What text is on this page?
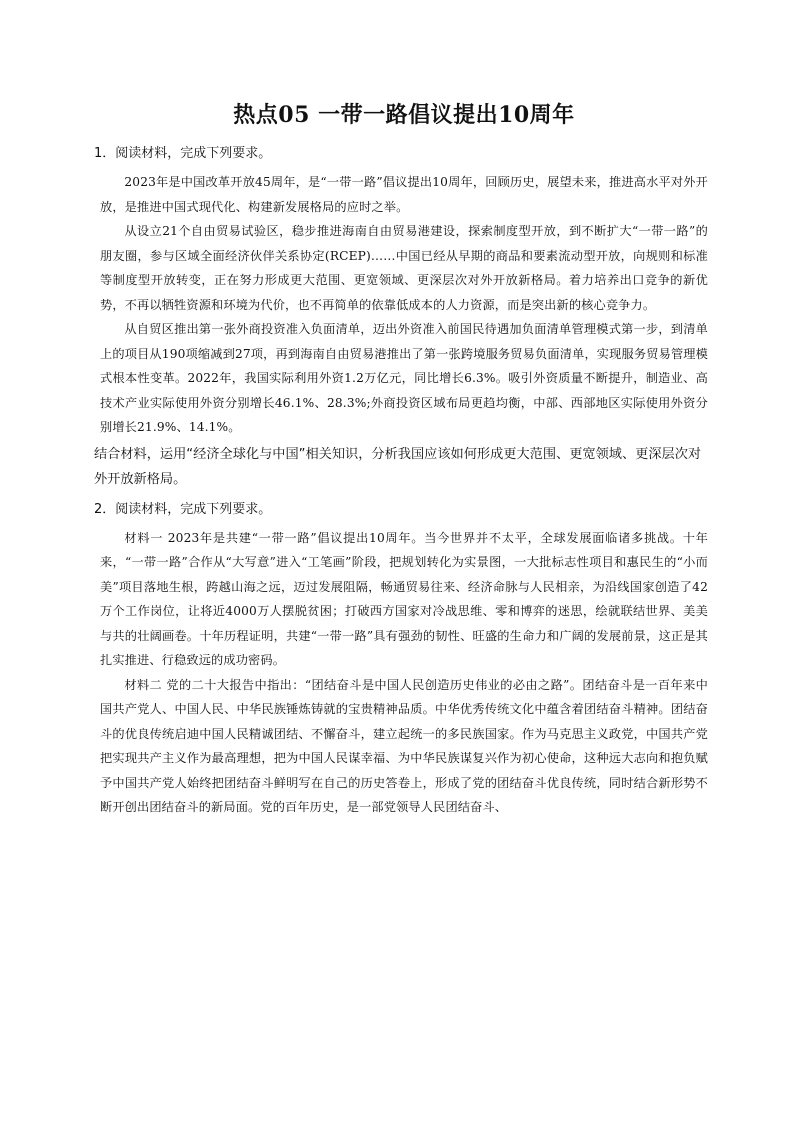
热点05 一带一路倡议提出10周年
1．阅读材料，完成下列要求。

2023年是中国改革开放45周年，是“一带一路”倡议提出10周年，回顾历史，展望未来，推进高水平对外开放，是推进中国式现代化、构建新发展格局的应时之举。

从设立21个自由贸易试验区，稳步推进海南自由贸易港建设，探索制度型开放，到不断扩大“一带一路”的朋友圈，参与区域全面经济伙伴关系协定(RCEP)……中国已经从早期的商品和要素流动型开放，向规则和标准等制度型开放转变，正在努力形成更大范围、更宽领域、更深层次对外开放新格局。着力培养出口竞争的新优势，不再以牺牲资源和环境为代价，也不再简单的依靠低成本的人力资源，而是突出新的核心竞争力。

从自贸区推出第一张外商投资准入负面清单，迈出外资准入前国民待遇加负面清单管理模式第一步，到清单上的项目从190项缩减到27项，再到海南自由贸易港推出了第一张跨境服务贸易负面清单，实现服务贸易管理模式根本性变革。2022年，我国实际利用外资1.2万亿元，同比增长6.3%。吸引外资质量不断提升，制造业、高技术产业实际使用外资分别增长46.1%、28.3%;外商投资区域布局更趋均衡，中部、西部地区实际使用外资分别增长21.9%、14.1%。

结合材料，运用“经济全球化与中国”相关知识，分析我国应该如何形成更大范围、更宽领域、更深层次对外开放新格局。
2．阅读材料，完成下列要求。

材料一 2023年是共建“一带一路”倡议提出10周年。当今世界并不太平，全球发展面临诸多挑战。十年来，“一带一路”合作从“大写意”进入“工笔画”阶段，把规划转化为实景图，一大批标志性项目和惠民生的“小而美”项目落地生根，跨越山海之远，迈过发展阻隔，畅通贸易往来、经济命脉与人民相亲，为沿线国家创造了42万个工作岗位，让将近4000万人摆脱贫困；打破西方国家对冷战思维、零和博弈的迷思，绘就联结世界、美美与共的壮阔画卷。十年历程证明，共建“一带一路”具有强劲的韧性、旺盛的生命力和广阔的发展前景，这正是其扎实推进、行稳致远的成功密码。

材料二 党的二十大报告中指出：“团结奋斗是中国人民创造历史伟业的必由之路”。团结奋斗是一百年来中国共产党人、中国人民、中华民族锤炼铸就的宝贵精神品质。中华优秀传统文化中蕴含着团结奋斗精神。团结奋斗的优良传统启迪中国人民精诚团结、不懈奋斗，建立起统一的多民族国家。作为马克思主义政党，中国共产党把实现共产主义作为最高理想，把为中国人民谋幸福、为中华民族谋复兴作为初心使命，这种远大志向和抱负赋予中国共产党人始终把团结奋斗鲜明写在自己的历史答卷上，形成了党的团结奋斗优良传统，同时结合新形势不断开创出团结奋斗的新局面。党的百年历史，是一部党领导人民团结奋斗、
